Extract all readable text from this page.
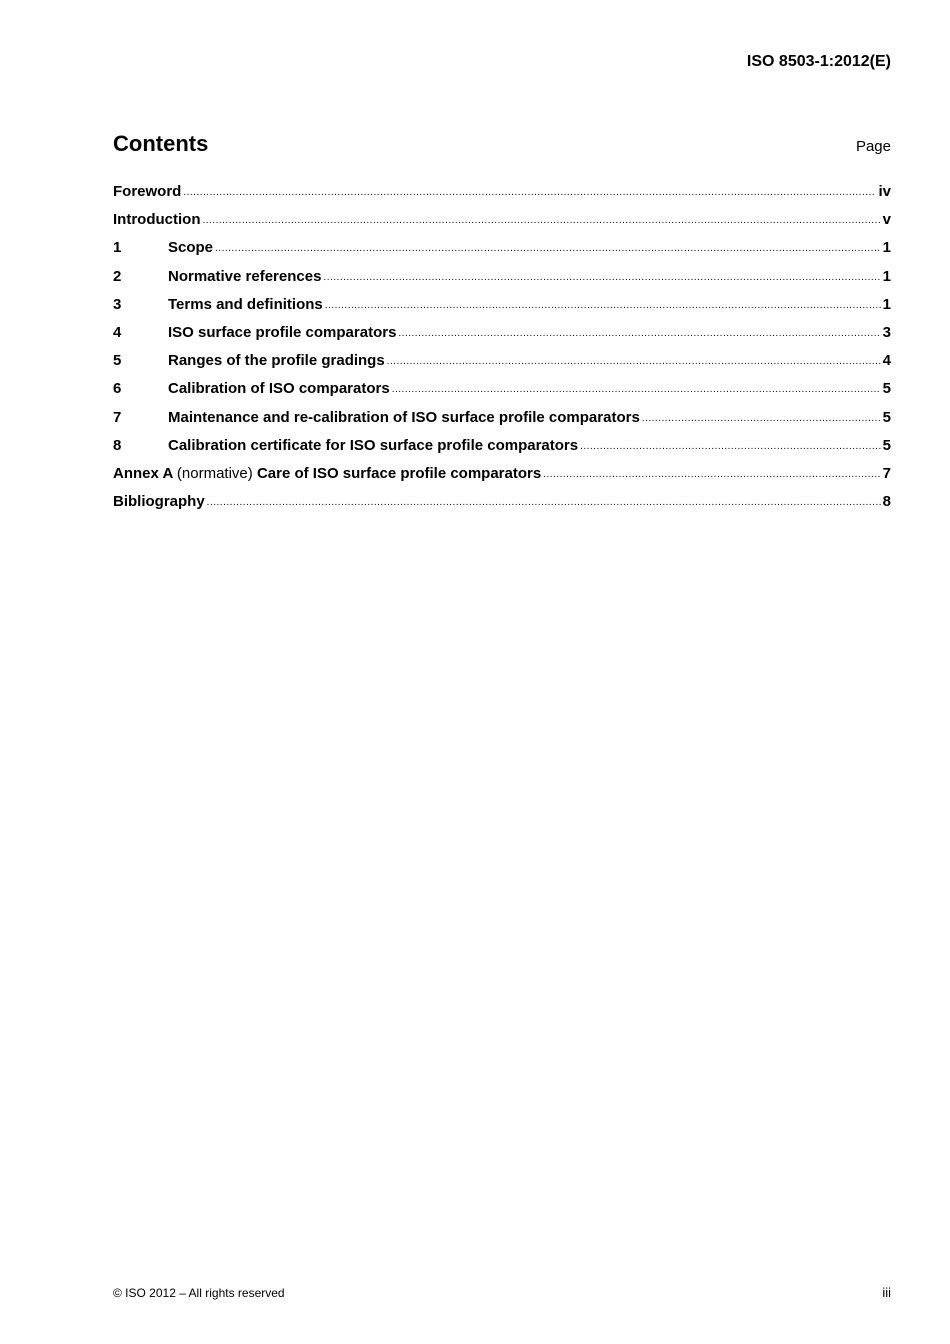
ISO 8503-1:2012(E)
Contents	Page
Foreword .....	iv
Introduction .....	v
1	Scope .....	1
2	Normative references .....	1
3	Terms and definitions .....	1
4	ISO surface profile comparators .....	3
5	Ranges of the profile gradings .....	4
6	Calibration of ISO comparators .....	5
7	Maintenance and re-calibration of ISO surface profile comparators .....	5
8	Calibration certificate for ISO surface profile comparators .....	5
Annex A (normative) Care of ISO surface profile comparators .....	7
Bibliography .....	8
© ISO 2012 – All rights reserved	iii
